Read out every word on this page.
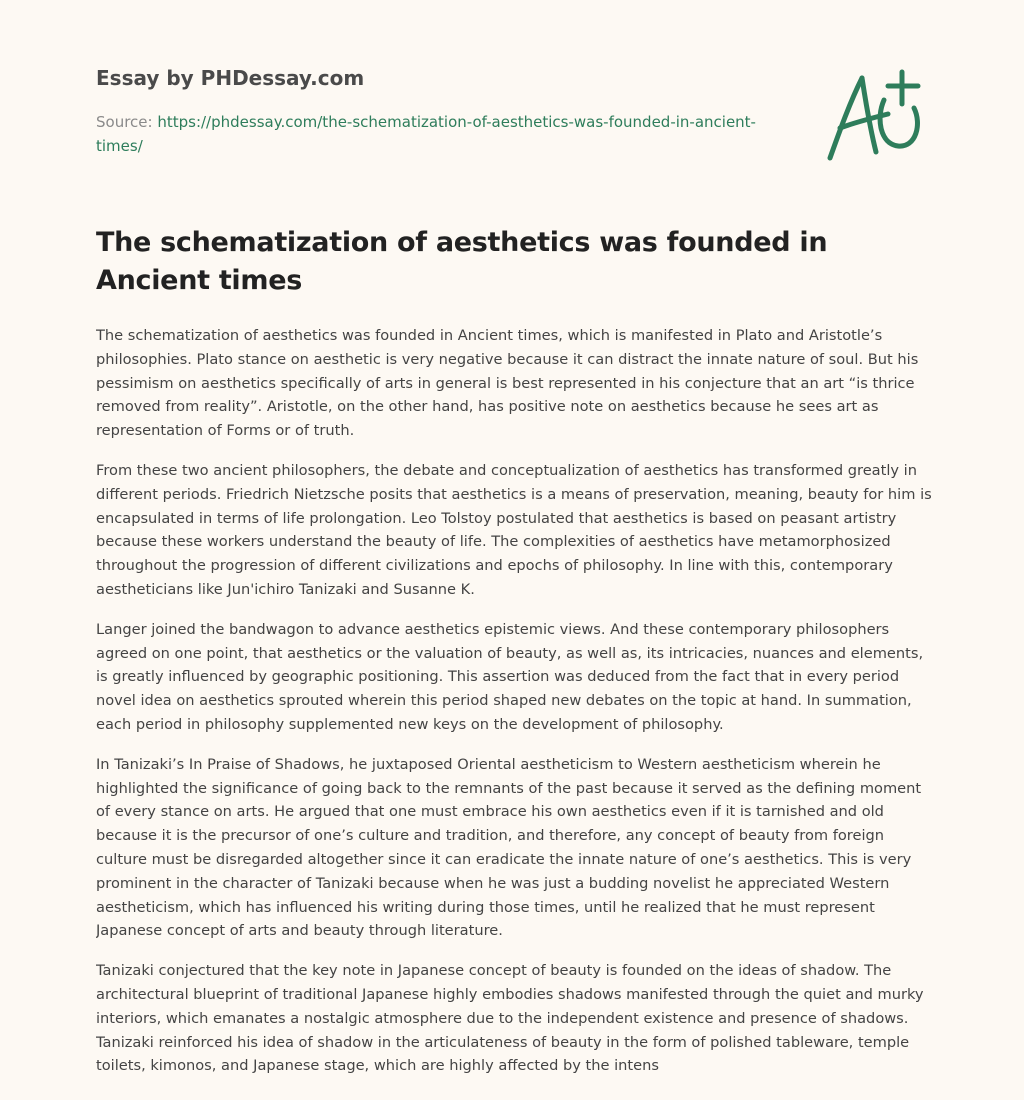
Essay by PHDessay.com
Source: https://phdessay.com/the-schematization-of-aesthetics-was-founded-in-ancient-times/
The schematization of aesthetics was founded in Ancient times

The schematization of aesthetics was founded in Ancient times, which is manifested in Plato and Aristotle’s philosophies. Plato stance on aesthetic is very negative because it can distract the innate nature of soul. But his pessimism on aesthetics specifically of arts in general is best represented in his conjecture that an art “is thrice removed from reality”. Aristotle, on the other hand, has positive note on aesthetics because he sees art as representation of Forms or of truth.

From these two ancient philosophers, the debate and conceptualization of aesthetics has transformed greatly in different periods. Friedrich Nietzsche posits that aesthetics is a means of preservation, meaning, beauty for him is encapsulated in terms of life prolongation. Leo Tolstoy postulated that aesthetics is based on peasant artistry because these workers understand the beauty of life. The complexities of aesthetics have metamorphosized throughout the progression of different civilizations and epochs of philosophy. In line with this, contemporary aestheticians like Jun'ichiro Tanizaki and Susanne K.

Langer joined the bandwagon to advance aesthetics epistemic views. And these contemporary philosophers agreed on one point, that aesthetics or the valuation of beauty, as well as, its intricacies, nuances and elements, is greatly influenced by geographic positioning. This assertion was deduced from the fact that in every period novel idea on aesthetics sprouted wherein this period shaped new debates on the topic at hand. In summation, each period in philosophy supplemented new keys on the development of philosophy.

In Tanizaki’s In Praise of Shadows, he juxtaposed Oriental aestheticism to Western aestheticism wherein he highlighted the significance of going back to the remnants of the past because it served as the defining moment of every stance on arts. He argued that one must embrace his own aesthetics even if it is tarnished and old because it is the precursor of one’s culture and tradition, and therefore, any concept of beauty from foreign culture must be disregarded altogether since it can eradicate the innate nature of one’s aesthetics. This is very prominent in the character of Tanizaki because when he was just a budding novelist he appreciated Western aestheticism, which has influenced his writing during those times, until he realized that he must represent Japanese concept of arts and beauty through literature.

Tanizaki conjectured that the key note in Japanese concept of beauty is founded on the ideas of shadow. The architectural blueprint of traditional Japanese highly embodies shadows manifested through the quiet and murky interiors, which emanates a nostalgic atmosphere due to the independent existence and presence of shadows. Tanizaki reinforced his idea of shadow in the articulateness of beauty in the form of polished tableware, temple toilets, kimonos, and Japanese stage, which are highly affected by the intens
